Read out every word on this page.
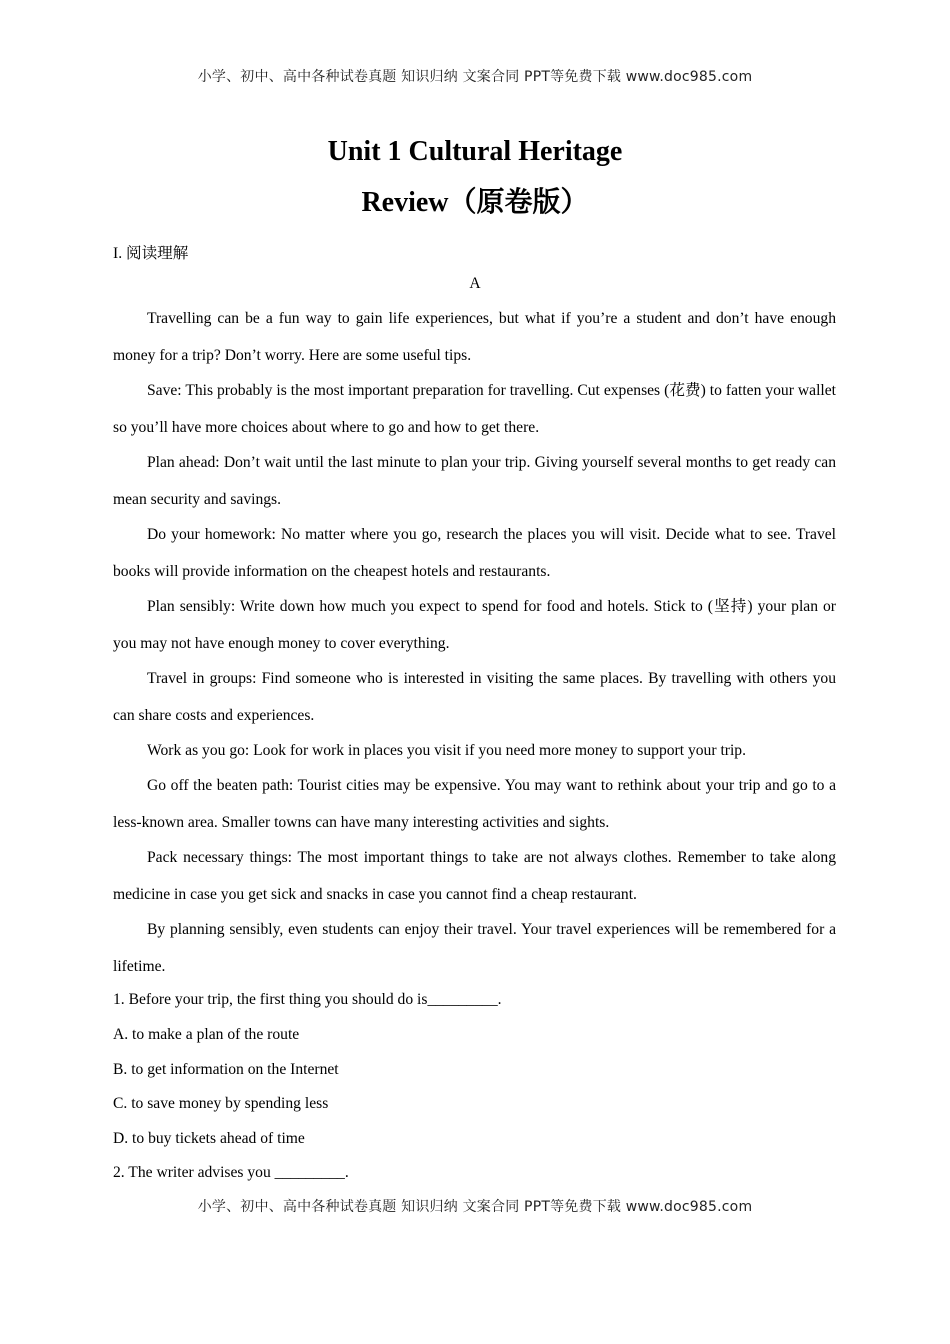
小学、初中、高中各种试卷真题 知识归纳 文案合同 PPT等免费下载 www.doc985.com
Unit 1 Cultural Heritage
Review（原卷版）
I. 阅读理解
A

Travelling can be a fun way to gain life experiences, but what if you’re a student and don’t have enough money for a trip? Don’t worry. Here are some useful tips.

Save: This probably is the most important preparation for travelling. Cut expenses (花费) to fatten your wallet so you’ll have more choices about where to go and how to get there.

Plan ahead: Don’t wait until the last minute to plan your trip. Giving yourself several months to get ready can mean security and savings.

Do your homework: No matter where you go, research the places you will visit. Decide what to see. Travel books will provide information on the cheapest hotels and restaurants.

Plan sensibly: Write down how much you expect to spend for food and hotels. Stick to (坚持) your plan or you may not have enough money to cover everything.

Travel in groups: Find someone who is interested in visiting the same places. By travelling with others you can share costs and experiences.

Work as you go: Look for work in places you visit if you need more money to support your trip.

Go off the beaten path: Tourist cities may be expensive. You may want to rethink about your trip and go to a less-known area. Smaller towns can have many interesting activities and sights.

Pack necessary things: The most important things to take are not always clothes. Remember to take along medicine in case you get sick and snacks in case you cannot find a cheap restaurant.

By planning sensibly, even students can enjoy their travel. Your travel experiences will be remembered for a lifetime.

1. Before your trip, the first thing you should do is_________.
A. to make a plan of the route
B. to get information on the Internet
C. to save money by spending less
D. to buy tickets ahead of time
2. The writer advises you _________.
小学、初中、高中各种试卷真题 知识归纳 文案合同 PPT等免费下载 www.doc985.com
